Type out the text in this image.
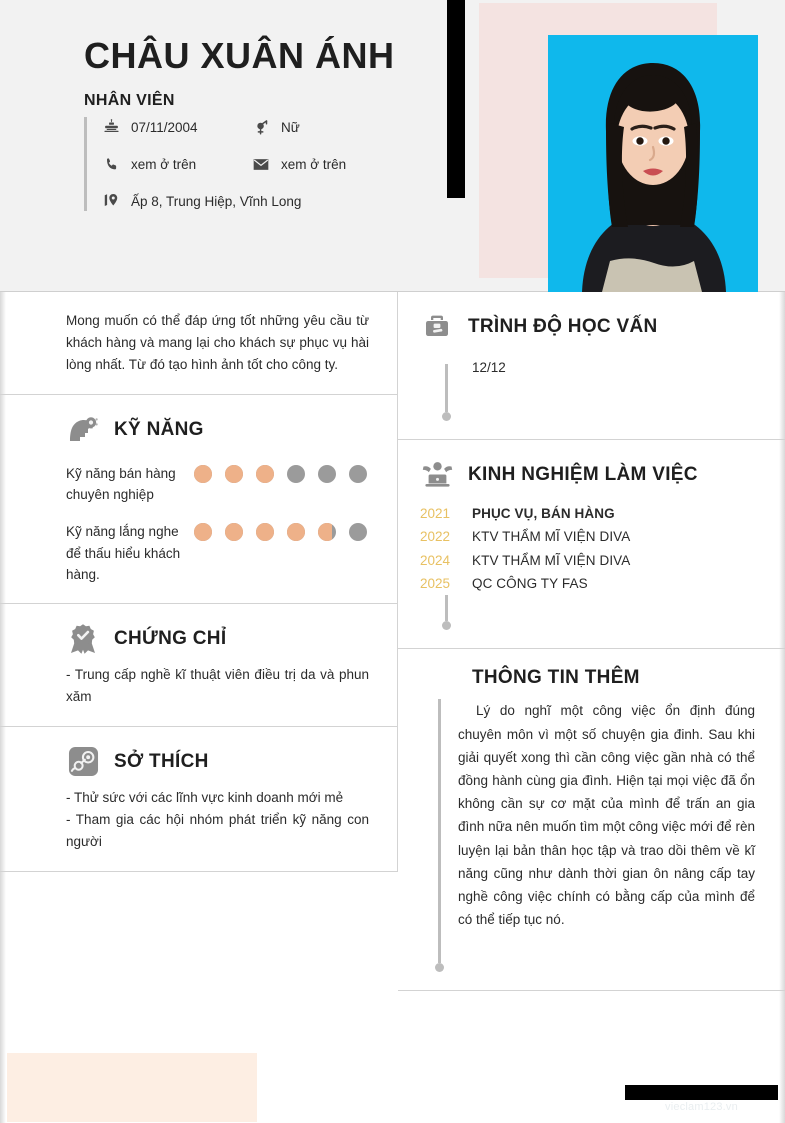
CHÂU XUÂN ÁNH
NHÂN VIÊN
07/11/2004	Nữ
xem ở trên	xem ở trên
Ấp 8, Trung Hiệp, Vĩnh Long
Mong muốn có thể đáp ứng tốt những yêu cầu từ khách hàng và mang lại cho khách sự phục vụ hài lòng nhất. Từ đó tạo hình ảnh tốt cho công ty.
KỸ NĂNG
Kỹ năng bán hàng chuyên nghiệp
Kỹ năng lắng nghe để thấu hiểu khách hàng.
CHỨNG CHỈ
- Trung cấp nghề kĩ thuật viên điều trị da và phun xăm
SỞ THÍCH
- Thử sức với các lĩnh vực kinh doanh mới mẻ
- Tham gia các hội nhóm phát triển kỹ năng con người
TRÌNH ĐỘ HỌC VẤN
12/12
KINH NGHIỆM LÀM VIỆC
2021
2022
2024
2025
PHỤC VỤ, BÁN HÀNG
KTV THẨM MĨ VIỆN DIVA
KTV THẨM MĨ VIỆN DIVA
QC CÔNG TY FAS
THÔNG TIN THÊM
Lý do nghĩ một công việc ổn định đúng chuyên môn vì một số chuyện gia đinh. Sau khi giải quyết xong thì cần công việc gần nhà có thể đồng hành cùng gia đình. Hiện tại mọi việc đã ổn không cần sự cơ mặt của mình để trấn an gia đình nữa nên muốn tìm một công việc mới để rèn luyện lại bản thân học tập và trao dồi thêm về kĩ năng cũng như dành thời gian ôn nâng cấp tay nghề công việc chính có bằng cấp của mình để có thể tiếp tục nó.
vieclam123.vn
